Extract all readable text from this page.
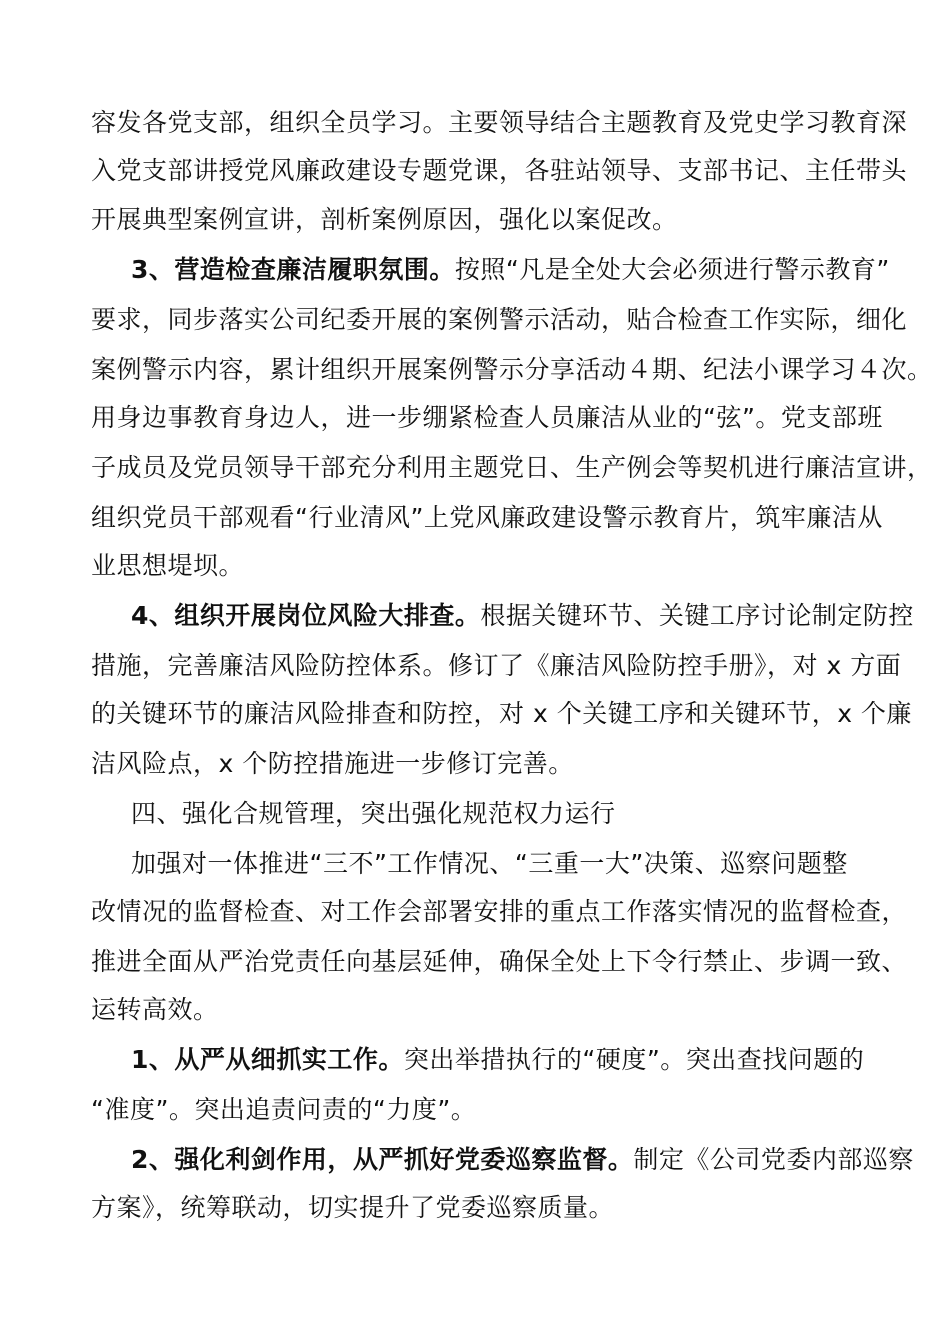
容发各党支部，组织全员学习。主要领导结合主题教育及党史学习教育深
入党支部讲授党风廉政建设专题党课，各驻站领导、支部书记、主任带头
开展典型案例宣讲，剖析案例原因，强化以案促改。
3、营造检查廉洁履职氛围。按照“凡是全处大会必须进行警示教育”
要求，同步落实公司纪委开展的案例警示活动，贴合检查工作实际，细化
案例警示内容，累计组织开展案例警示分享活动４期、纪法小课学习４次。
用身边事教育身边人，进一步绷紧检查人员廉洁从业的“弦”。党支部班
子成员及党员领导干部充分利用主题党日、生产例会等契机进行廉洁宣讲，
组织党员干部观看“行业清风”上党风廉政建设警示教育片，筑牢廉洁从
业思想堤坝。
4、组织开展岗位风险大排查。根据关键环节、关键工序讨论制定防控
措施，完善廉洁风险防控体系。修订了《廉洁风险防控手册》，对 x 方面
的关键环节的廉洁风险排查和防控，对 x 个关键工序和关键环节，x 个廉
洁风险点，x 个防控措施进一步修订完善。
四、强化合规管理，突出强化规范权力运行
加强对一体推进“三不”工作情况、“三重一大”决策、巡察问题整
改情况的监督检查、对工作会部署安排的重点工作落实情况的监督检查，
推进全面从严治党责任向基层延伸，确保全处上下令行禁止、步调一致、
运转高效。
1、从严从细抓实工作。突出举措执行的“硬度”。突出查找问题的
“准度”。突出追责问责的“力度”。
2、强化利剑作用，从严抓好党委巡察监督。制定《公司党委内部巡察
方案》，统筹联动，切实提升了党委巡察质量。
